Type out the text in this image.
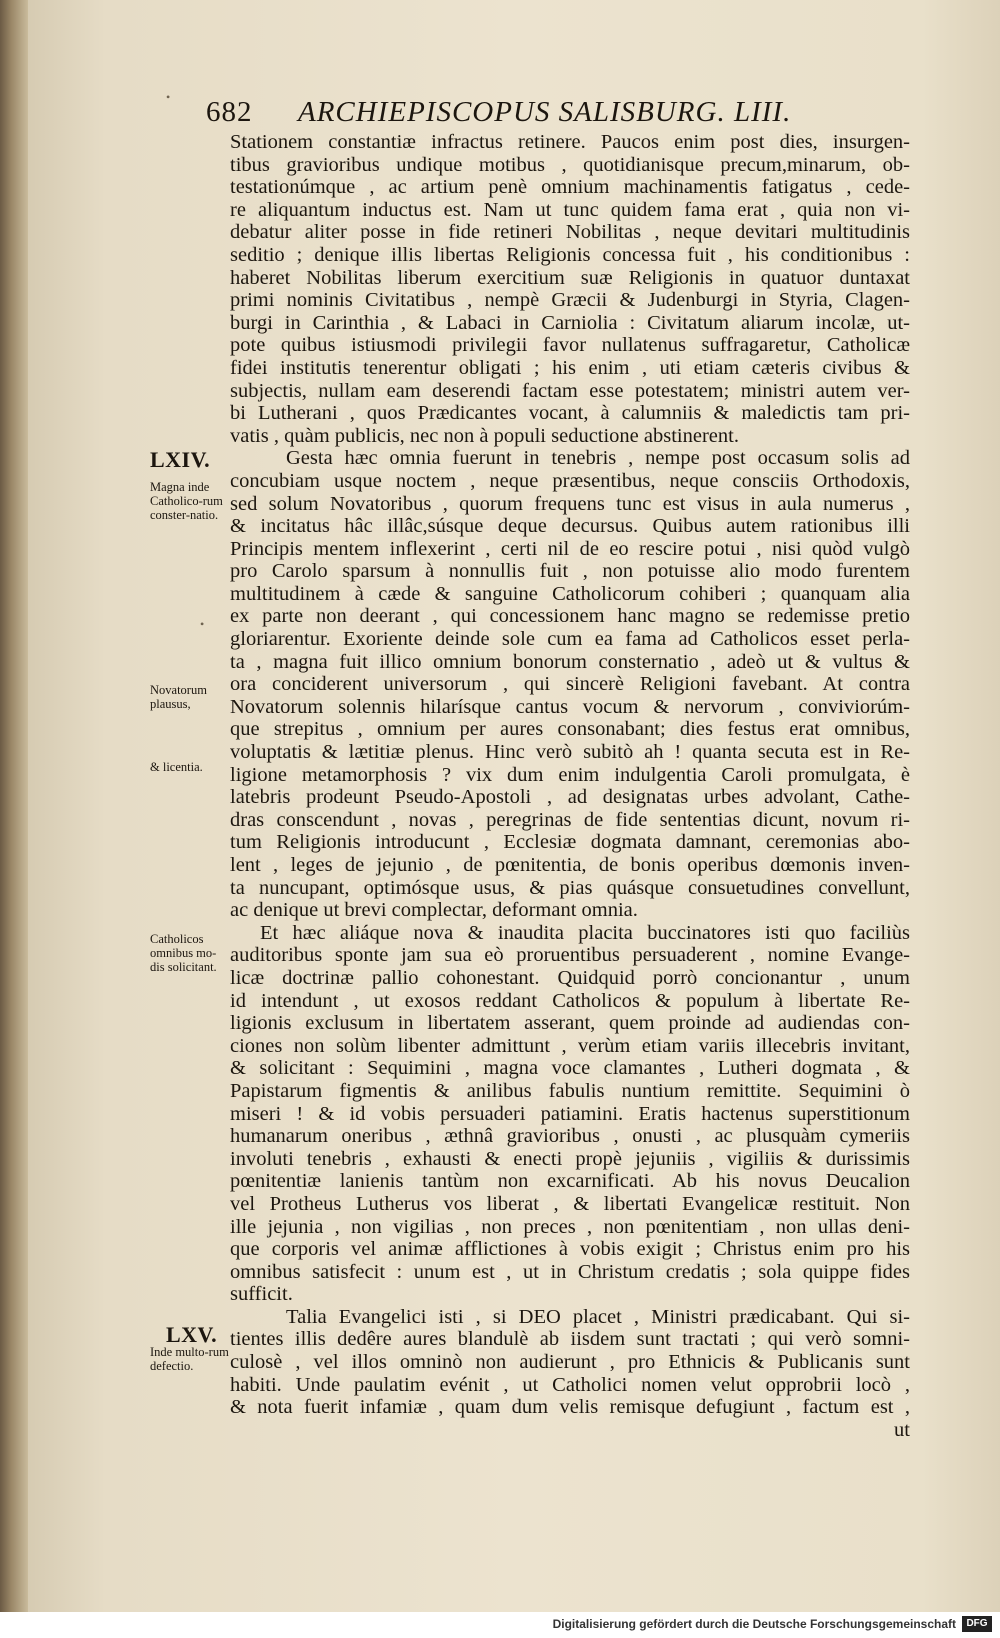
•
•
682 ARCHIEPISCOPUS SALISBURG. LIII.
Stationem constantiæ infractus retinere. Paucos enim post dies, insurgen-
tibus gravioribus undique motibus , quotidianisque precum,minarum, ob-
testationúmque , ac artium penè omnium machinamentis fatigatus , cede-
re aliquantum inductus est. Nam ut tunc quidem fama erat , quia non vi-
debatur aliter posse in fide retineri Nobilitas , neque devitari multitudinis
seditio ; denique illis libertas Religionis concessa fuit , his conditionibus :
haberet Nobilitas liberum exercitium suæ Religionis in quatuor duntaxat
primi nominis Civitatibus , nempè Græcii & Judenburgi in Styria, Clagen-
burgi in Carinthia , & Labaci in Carniolia : Civitatum aliarum incolæ, ut-
pote quibus istiusmodi privilegii favor nullatenus suffragaretur, Catholicæ
fidei institutis tenerentur obligati ; his enim , uti etiam cæteris civibus &
subjectis, nullam eam deserendi factam esse potestatem; ministri autem ver-
bi Lutherani , quos Prædicantes vocant, à calumniis & maledictis tam pri-
vatis , quàm publicis, nec non à populi seductione abstinerent.
Gesta hæc omnia fuerunt in tenebris , nempe post occasum solis ad
concubiam usque noctem , neque præsentibus, neque consciis Orthodoxis,
sed solum Novatoribus , quorum frequens tunc est visus in aula numerus ,
& incitatus hâc illâc,súsque deque decursus. Quibus autem rationibus illi
Principis mentem inflexerint , certi nil de eo rescire potui , nisi quòd vulgò
pro Carolo sparsum à nonnullis fuit , non potuisse alio modo furentem
multitudinem à cæde & sanguine Catholicorum cohiberi ; quanquam alia
ex parte non deerant , qui concessionem hanc magno se redemisse pretio
gloriarentur. Exoriente deinde sole cum ea fama ad Catholicos esset perla-
ta , magna fuit illico omnium bonorum consternatio , adeò ut & vultus &
ora conciderent universorum , qui sincerè Religioni favebant. At contra
Novatorum solennis hilarísque cantus vocum & nervorum , conviviorúm-
que strepitus , omnium per aures consonabant; dies festus erat omnibus,
voluptatis & lætitiæ plenus. Hinc verò subitò ah ! quanta secuta est in Re-
ligione metamorphosis ? vix dum enim indulgentia Caroli promulgata, è
latebris prodeunt Pseudo-Apostoli , ad designatas urbes advolant, Cathe-
dras conscendunt , novas , peregrinas de fide sententias dicunt, novum ri-
tum Religionis introducunt , Ecclesiæ dogmata damnant, ceremonias abo-
lent , leges de jejunio , de pœnitentia, de bonis operibus dœmonis inven-
ta nuncupant, optimósque usus, & pias quásque consuetudines convellunt,
ac denique ut brevi complectar, deformant omnia.
Et hæc aliáque nova & inaudita placita buccinatores isti quo faciliùs
auditoribus sponte jam sua eò proruentibus persuaderent , nomine Evange-
licæ doctrinæ pallio cohonestant. Quidquid porrò concionantur , unum
id intendunt , ut exosos reddant Catholicos & populum à libertate Re-
ligionis exclusum in libertatem asserant, quem proinde ad audiendas con-
ciones non solùm libenter admittunt , verùm etiam variis illecebris invitant,
& solicitant : Sequimini , magna voce clamantes , Lutheri dogmata , &
Papistarum figmentis & anilibus fabulis nuntium remittite. Sequimini ò
miseri ! & id vobis persuaderi patiamini. Eratis hactenus superstitionum
humanarum oneribus , æthnâ gravioribus , onusti , ac plusquàm cymeriis
involuti tenebris , exhausti & enecti propè jejuniis , vigiliis & durissimis
pœnitentiæ lanienis tantùm non excarnificati. Ab his novus Deucalion
vel Protheus Lutherus vos liberat , & libertati Evangelicæ restituit. Non
ille jejunia , non vigilias , non preces , non pœnitentiam , non ullas deni-
que corporis vel animæ afflictiones à vobis exigit ; Christus enim pro his
omnibus satisfecit : unum est , ut in Christum credatis ; sola quippe fides
sufficit.
Talia Evangelici isti , si DEO placet , Ministri prædicabant. Qui si-
tientes illis dedêre aures blandulè ab iisdem sunt tractati ; qui verò somni-
culosè , vel illos omninò non audierunt , pro Ethnicis & Publicanis sunt
habiti. Unde paulatim evénit , ut Catholici nomen velut opprobrii locò ,
& nota fuerit infamiæ , quam dum velis remisque defugiunt , factum est ,
ut
LXIV.
Magna inde Catholico-rum conster-natio.
Novatorum plausus,
& licentia.
Catholicos omnibus mo-dis solicitant.
LXV.
Inde multo-rum defectio.
Digitalisierung gefördert durch die Deutsche Forschungsgemeinschaft	DFG
